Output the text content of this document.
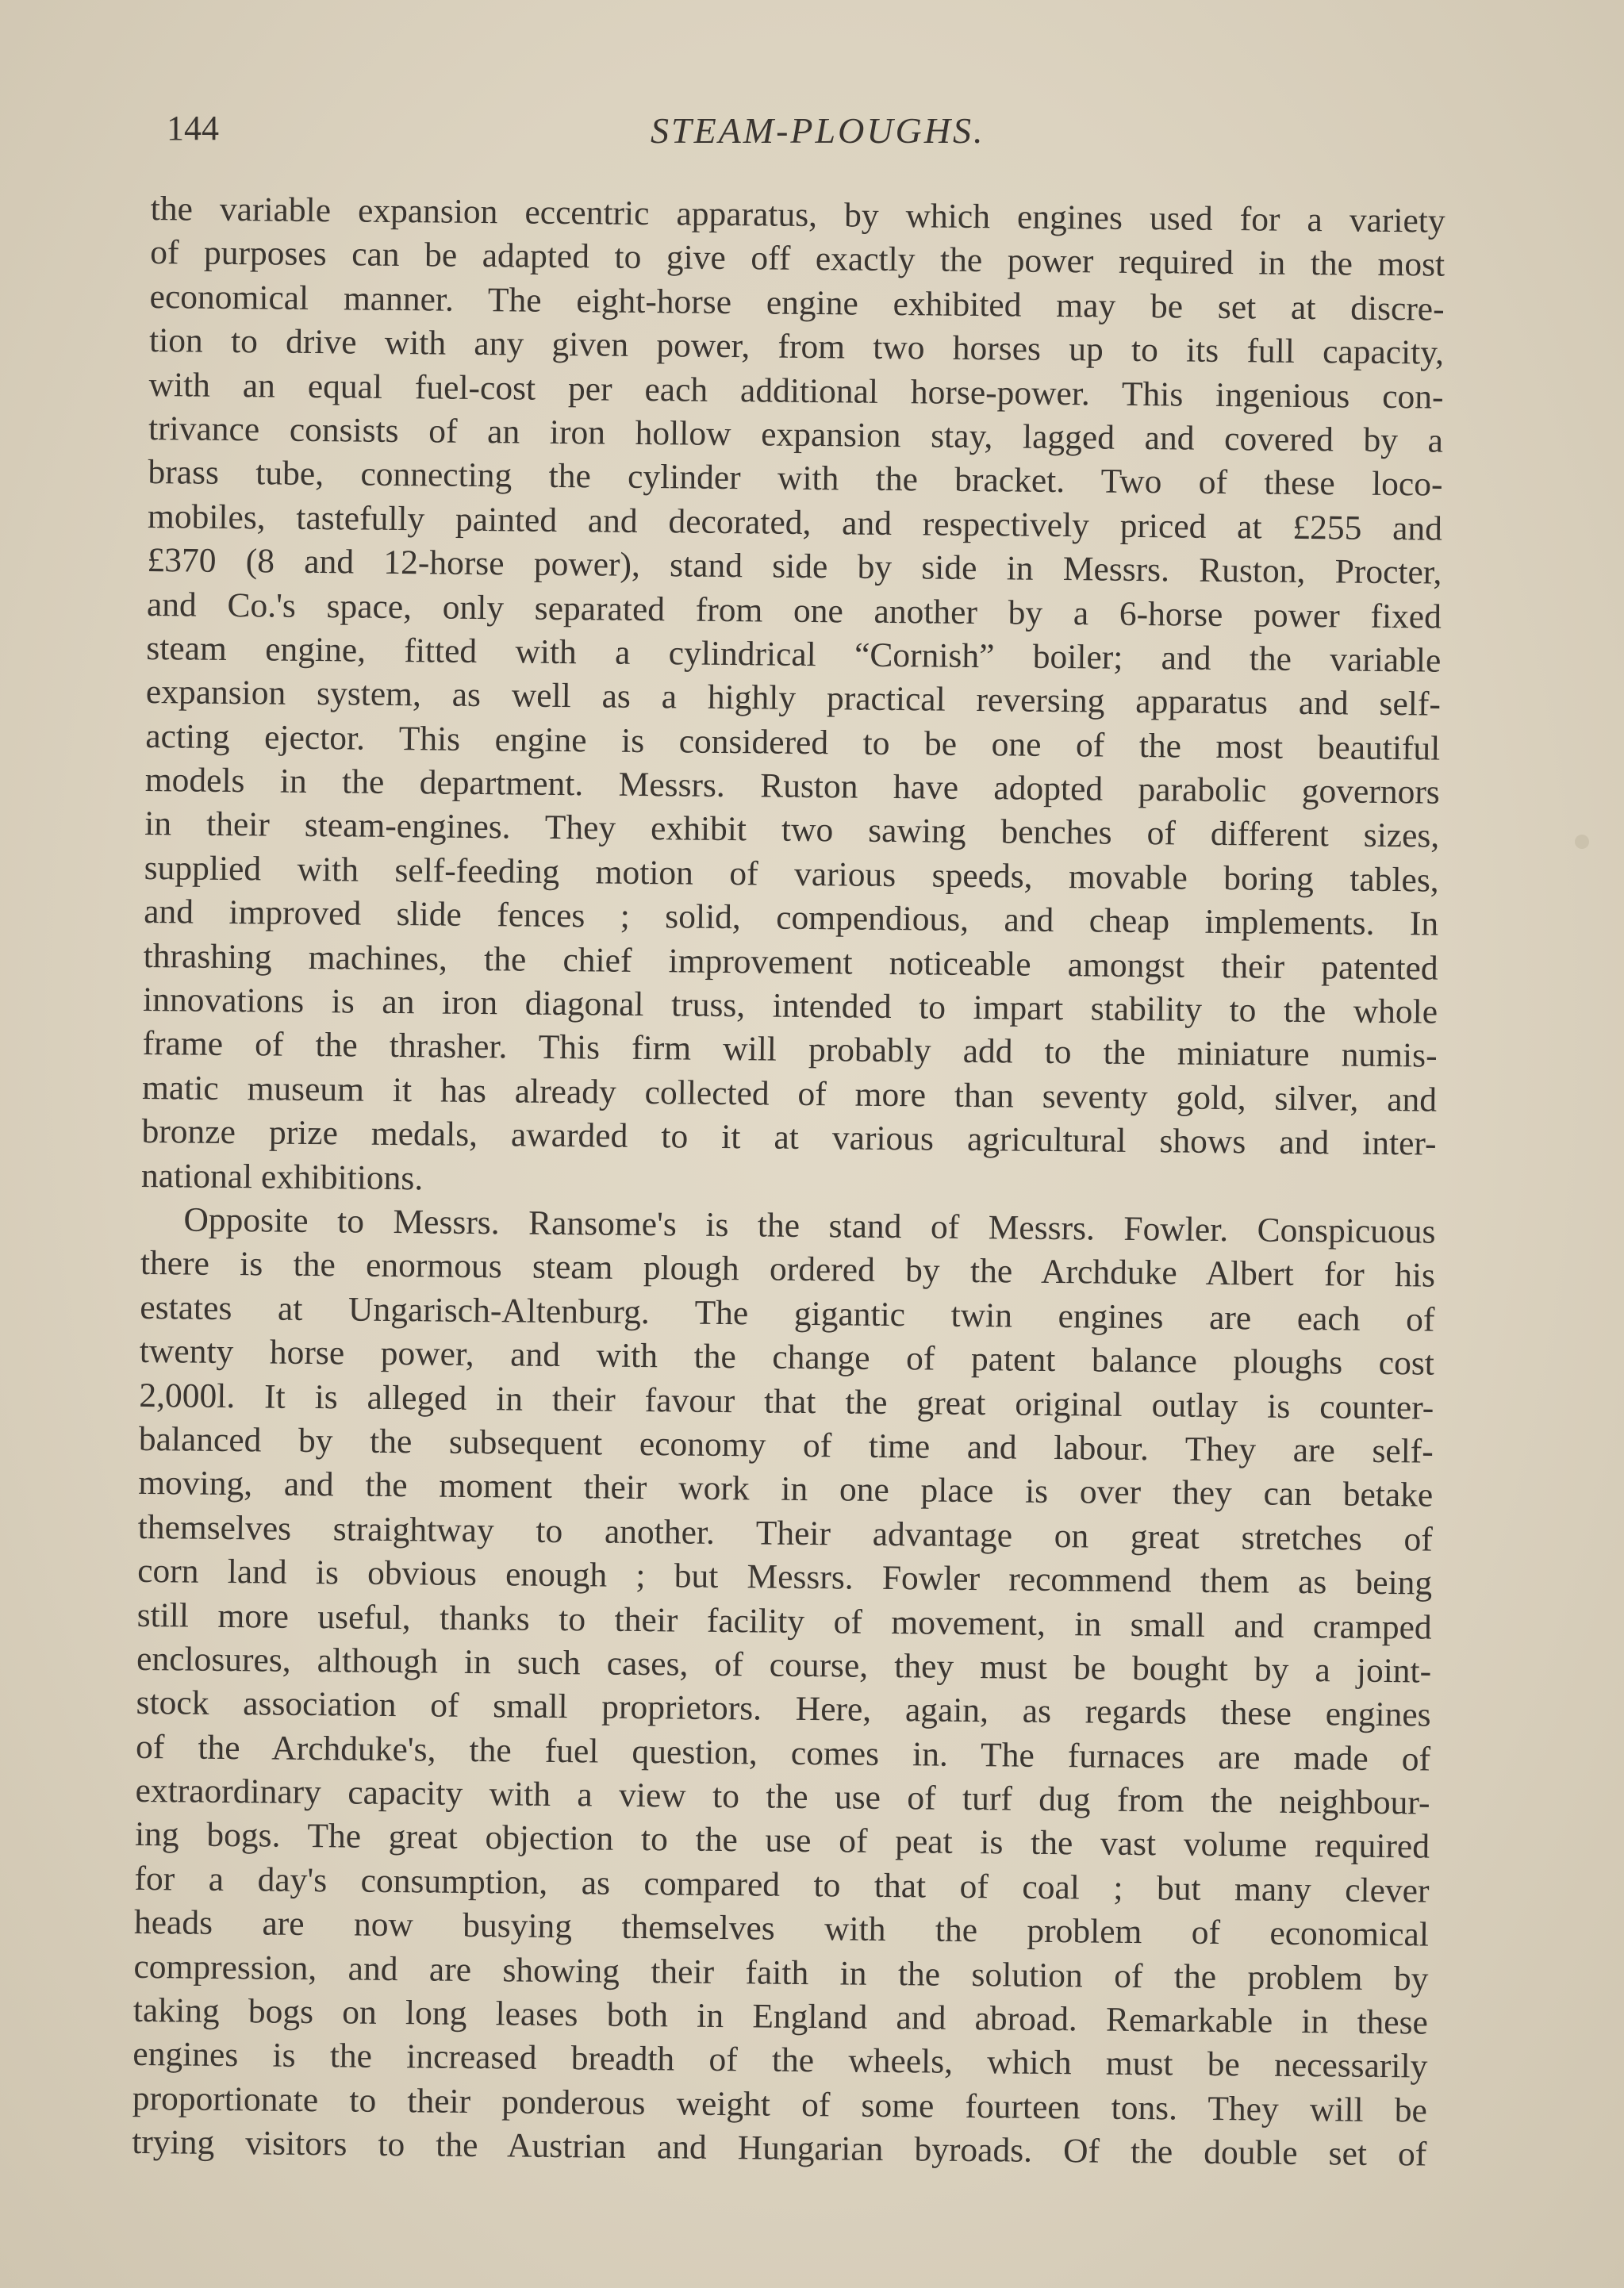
144	STEAM-PLOUGHS.
the variable expansion eccentric apparatus, by which engines used for a variety
of purposes can be adapted to give off exactly the power required in the most
economical manner. The eight-horse engine exhibited may be set at discre-
tion to drive with any given power, from two horses up to its full capacity,
with an equal fuel-cost per each additional horse-power. This ingenious con-
trivance consists of an iron hollow expansion stay, lagged and covered by a
brass tube, connecting the cylinder with the bracket. Two of these loco-
mobiles, tastefully painted and decorated, and respectively priced at £255 and
£370 (8 and 12-horse power), stand side by side in Messrs. Ruston, Procter,
and Co.'s space, only separated from one another by a 6-horse power fixed
steam engine, fitted with a cylindrical “Cornish” boiler; and the variable
expansion system, as well as a highly practical reversing apparatus and self-
acting ejector. This engine is considered to be one of the most beautiful
models in the department. Messrs. Ruston have adopted parabolic governors
in their steam-engines. They exhibit two sawing benches of different sizes,
supplied with self-feeding motion of various speeds, movable boring tables,
and improved slide fences ; solid, compendious, and cheap implements. In
thrashing machines, the chief improvement noticeable amongst their patented
innovations is an iron diagonal truss, intended to impart stability to the whole
frame of the thrasher. This firm will probably add to the miniature numis-
matic museum it has already collected of more than seventy gold, silver, and
bronze prize medals, awarded to it at various agricultural shows and inter-
national exhibitions.
Opposite to Messrs. Ransome's is the stand of Messrs. Fowler. Conspicuous
there is the enormous steam plough ordered by the Archduke Albert for his
estates at Ungarisch-Altenburg. The gigantic twin engines are each of
twenty horse power, and with the change of patent balance ploughs cost
2,000l. It is alleged in their favour that the great original outlay is counter-
balanced by the subsequent economy of time and labour. They are self-
moving, and the moment their work in one place is over they can betake
themselves straightway to another. Their advantage on great stretches of
corn land is obvious enough ; but Messrs. Fowler recommend them as being
still more useful, thanks to their facility of movement, in small and cramped
enclosures, although in such cases, of course, they must be bought by a joint-
stock association of small proprietors. Here, again, as regards these engines
of the Archduke's, the fuel question, comes in. The furnaces are made of
extraordinary capacity with a view to the use of turf dug from the neighbour-
ing bogs. The great objection to the use of peat is the vast volume required
for a day's consumption, as compared to that of coal ; but many clever
heads are now busying themselves with the problem of economical
compression, and are showing their faith in the solution of the problem by
taking bogs on long leases both in England and abroad. Remarkable in these
engines is the increased breadth of the wheels, which must be necessarily
proportionate to their ponderous weight of some fourteen tons. They will be
trying visitors to the Austrian and Hungarian byroads. Of the double set of
